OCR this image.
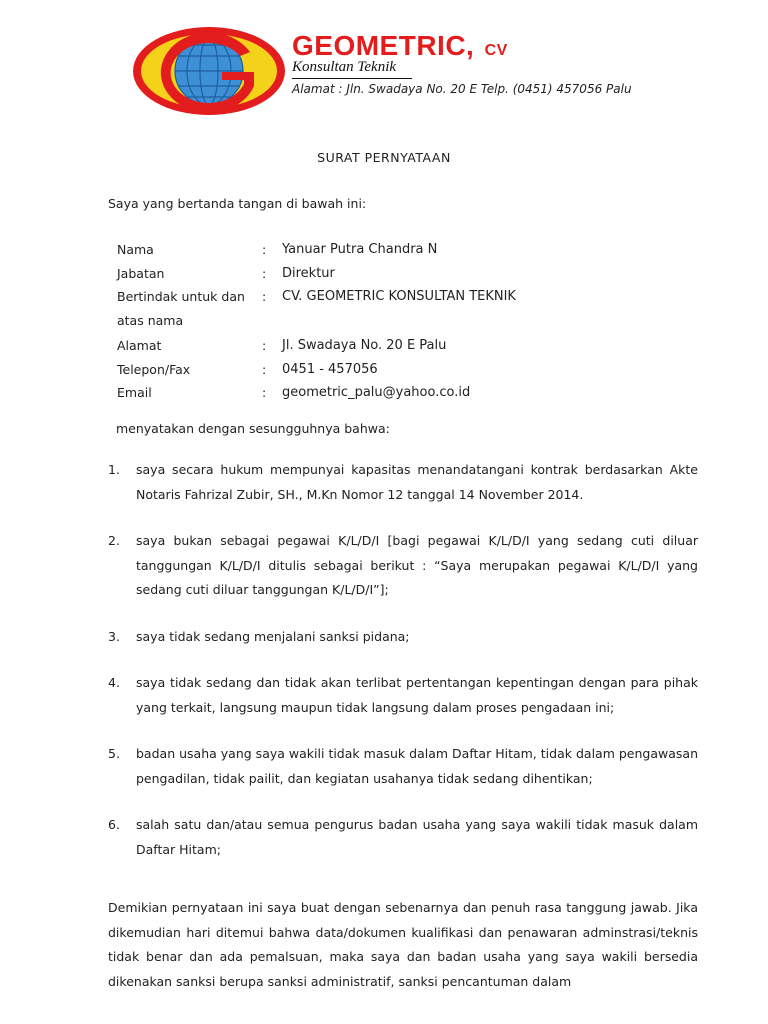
G	GEOMETRIC, CV
Konsultan Teknik
Alamat : Jln. Swadaya No. 20 E Telp. (0451) 457056 Palu
SURAT PERNYATAAN
Saya yang bertanda tangan di bawah ini:
Nama	:	Yanuar Putra Chandra N
Jabatan	:	Direktur
Bertindak untuk dan atas nama
:	CV. GEOMETRIC KONSULTAN TEKNIK
Alamat	:	Jl. Swadaya No. 20 E Palu
Telepon/Fax	:	0451 - 457056
Email	:	geometric_palu@yahoo.co.id
menyatakan dengan sesungguhnya bahwa:
1.	saya secara hukum mempunyai kapasitas menandatangani kontrak berdasarkan Akte Notaris Fahrizal Zubir, SH., M.Kn Nomor 12 tanggal 14 November 2014.
2.	saya bukan sebagai pegawai K/L/D/I [bagi pegawai K/L/D/I yang sedang cuti diluar tanggungan K/L/D/I ditulis sebagai berikut : “Saya merupakan pegawai K/L/D/I yang sedang cuti diluar tanggungan K/L/D/I”];
3.	saya tidak sedang menjalani sanksi pidana;
4.	saya tidak sedang dan tidak akan terlibat pertentangan kepentingan dengan para pihak yang terkait, langsung maupun tidak langsung dalam proses pengadaan ini;
5.	badan usaha yang saya wakili tidak masuk dalam Daftar Hitam, tidak dalam pengawasan pengadilan, tidak pailit, dan kegiatan usahanya tidak sedang dihentikan;
6.	salah satu dan/atau semua pengurus badan usaha yang saya wakili tidak masuk dalam Daftar Hitam;
Demikian pernyataan ini saya buat dengan sebenarnya dan penuh rasa tanggung jawab. Jika dikemudian hari ditemui bahwa data/dokumen kualifikasi dan penawaran adminstrasi/teknis tidak benar dan ada pemalsuan, maka saya dan badan usaha yang saya wakili bersedia dikenakan sanksi berupa sanksi administratif, sanksi pencantuman dalam
